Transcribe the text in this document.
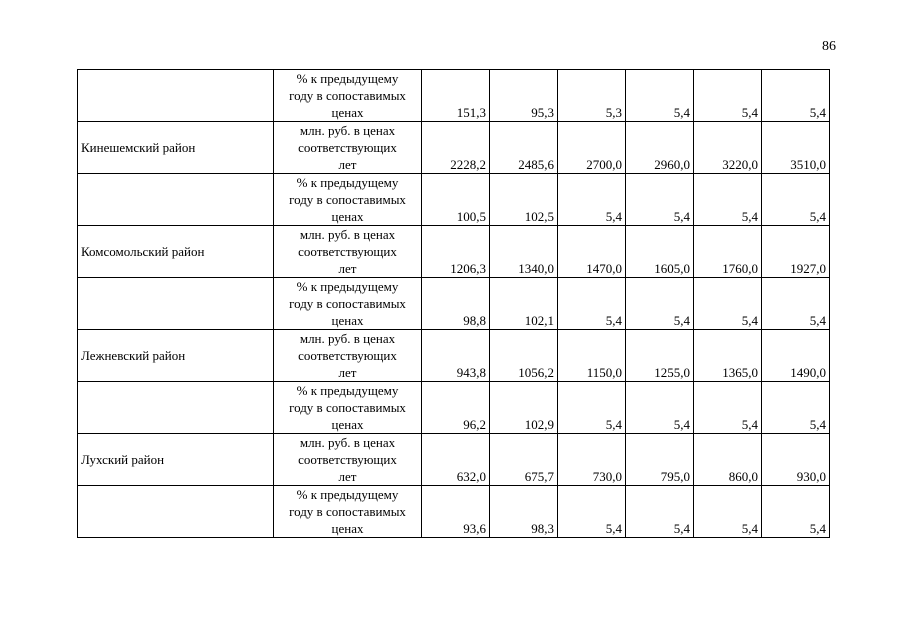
86

	% к предыдущему
году в сопоставимых
ценах	151,3	95,3	5,3	5,4	5,4	5,4
Кинешемский район	млн. руб. в ценах
соответствующих
лет	2228,2	2485,6	2700,0	2960,0	3220,0	3510,0

	% к предыдущему
году в сопоставимых
ценах	100,5	102,5	5,4	5,4	5,4	5,4
Комсомольский район	млн. руб. в ценах
соответствующих
лет	1206,3	1340,0	1470,0	1605,0	1760,0	1927,0

	% к предыдущему
году в сопоставимых
ценах	98,8	102,1	5,4	5,4	5,4	5,4
Лежневский район	млн. руб. в ценах
соответствующих
лет	943,8	1056,2	1150,0	1255,0	1365,0	1490,0

	% к предыдущему
году в сопоставимых
ценах	96,2	102,9	5,4	5,4	5,4	5,4
Лухский район	млн. руб. в ценах
соответствующих
лет	632,0	675,7	730,0	795,0	860,0	930,0

	% к предыдущему
году в сопоставимых
ценах	93,6	98,3	5,4	5,4	5,4	5,4
